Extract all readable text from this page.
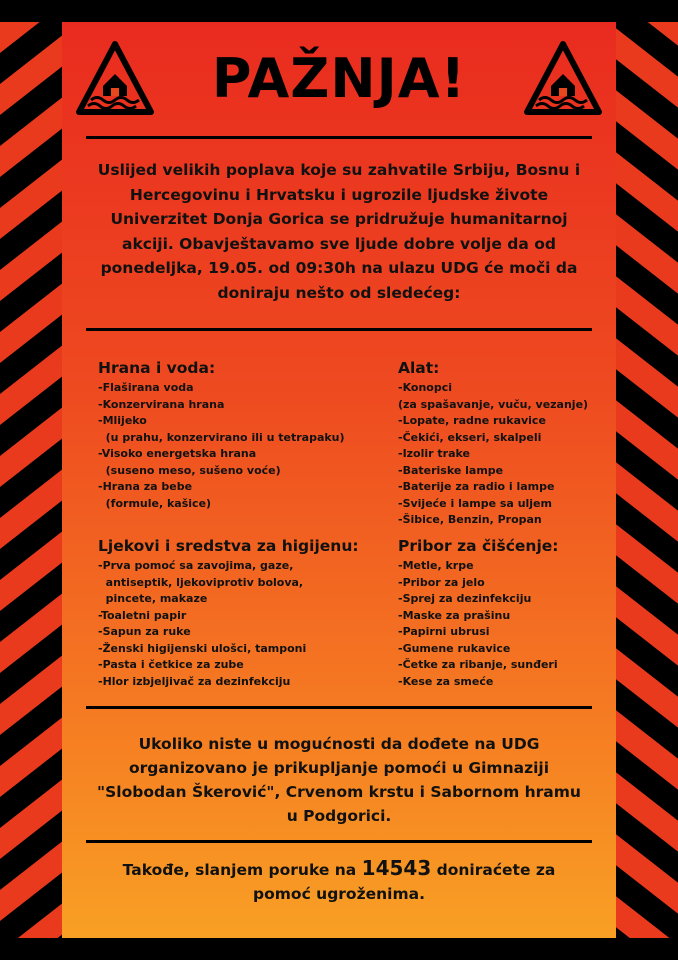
PAŽNJA!
Uslijed velikih poplava koje su zahvatile Srbiju, Bosnu i Hercegovinu i Hrvatsku i ugrozile ljudske živote Univerzitet Donja Gorica se pridružuje humanitarnoj akciji. Obavještavamo sve ljude dobre volje da od ponedeljka, 19.05. od 09:30h na ulazu UDG će moči da doniraju nešto od sledećeg:
Hrana i voda:
-Flaširana voda
-Konzervirana hrana
-Mlijeko
(u prahu, konzervirano ili u tetrapaku)
-Visoko energetska hrana
(suseno meso, sušeno voće)
-Hrana za bebe
(formule, kašice)
Alat:
-Konopci
(za spašavanje, vuču, vezanje)
-Lopate, radne rukavice
-Čekići, ekseri, skalpeli
-Izolir trake
-Bateriske lampe
-Baterije za radio i lampe
-Svijeće i lampe sa uljem
-Šibice, Benzin, Propan
Ljekovi i sredstva za higijenu:
-Prva pomoć sa zavojima, gaze,
antiseptik, ljekoviprotiv bolova,
pincete, makaze
-Toaletni papir
-Sapun za ruke
-Ženski higijenski ulošci, tamponi
-Pasta i četkice za zube
-Hlor izbjeljivač za dezinfekciju
Pribor za čišćenje:
-Metle, krpe
-Pribor za jelo
-Sprej za dezinfekciju
-Maske za prašinu
-Papirni ubrusi
-Gumene rukavice
-Četke za ribanje, sunđeri
-Kese za smeće
Ukoliko niste u mogućnosti da dođete na UDG organizovano je prikupljanje pomoći u Gimnaziji "Slobodan Škerović", Crvenom krstu i Sabornom hramu u Podgorici.
Takođe, slanjem poruke na 14543 doniraćete za pomoć ugroženima.
